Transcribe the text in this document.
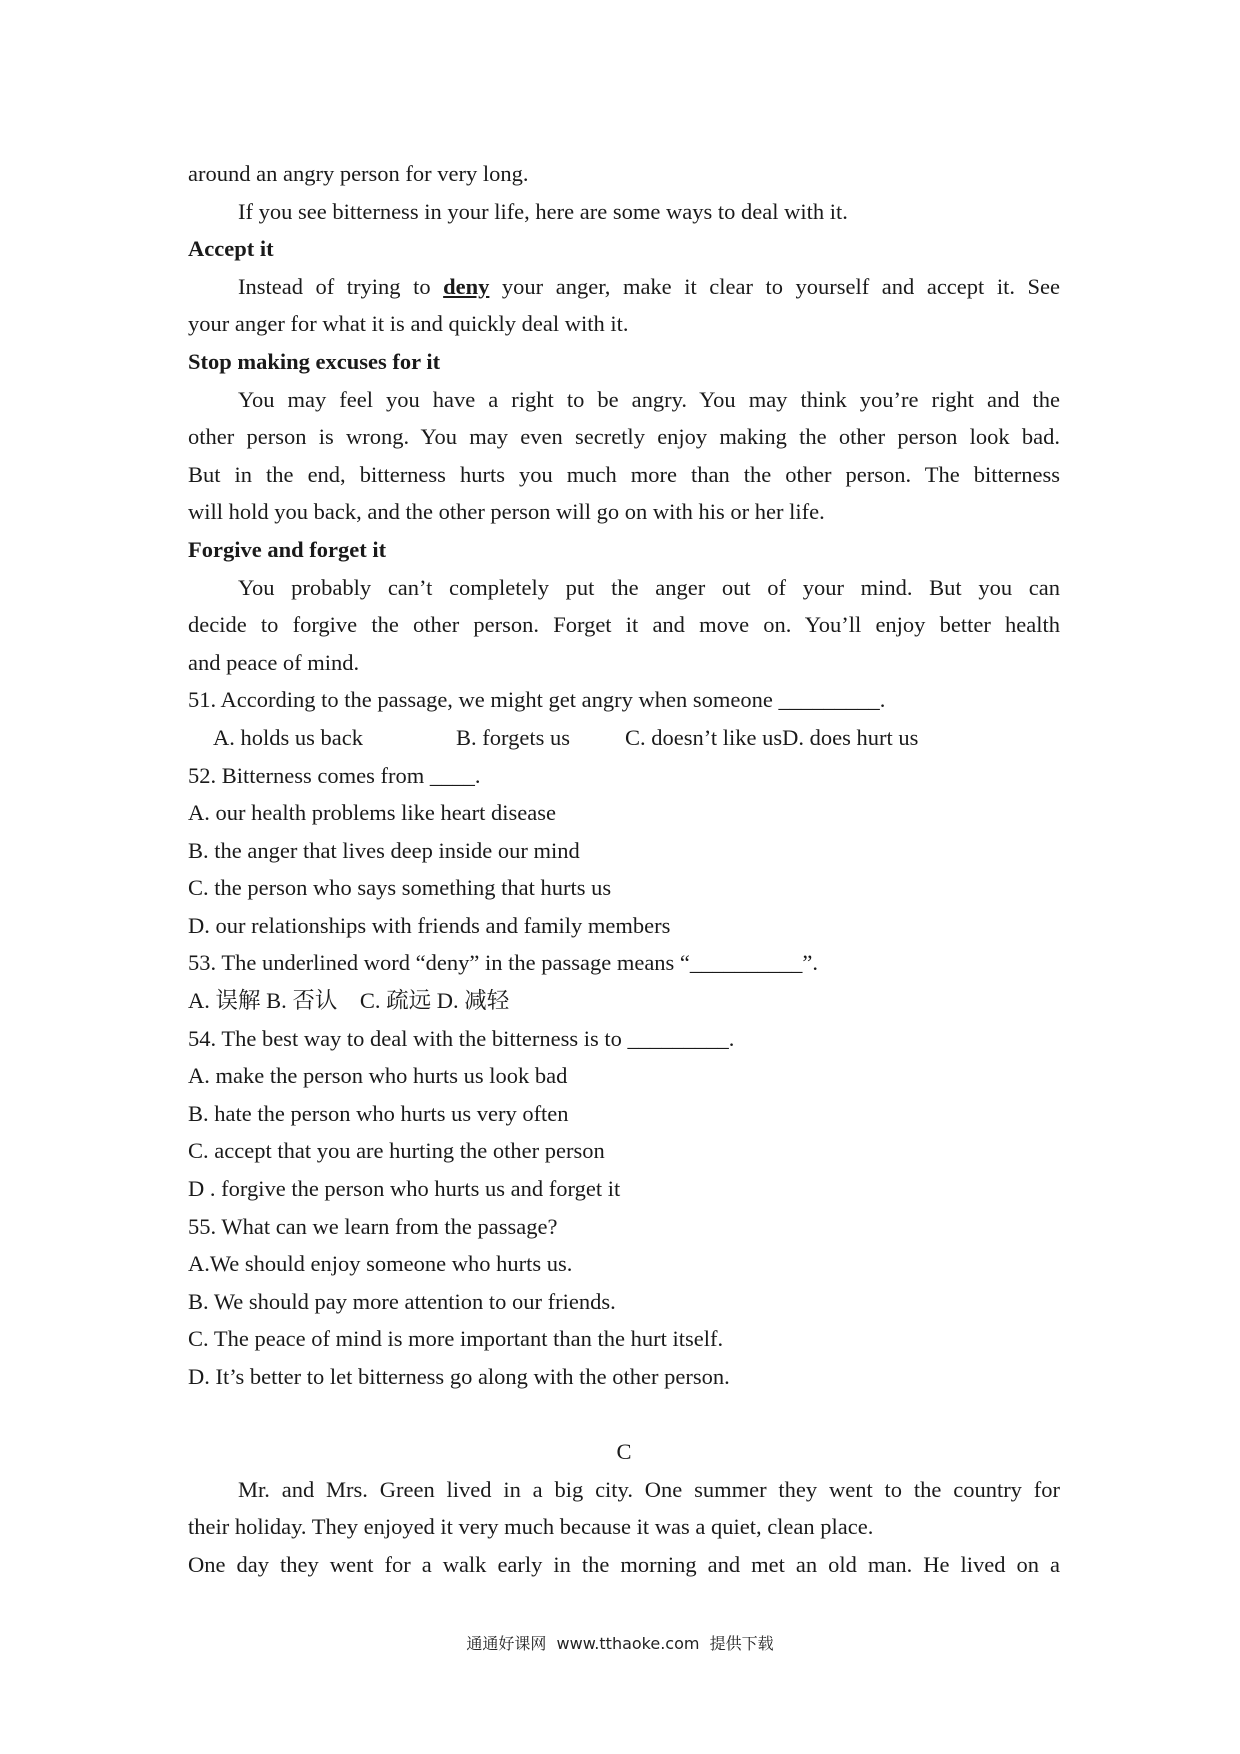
around an angry person for very long.
If you see bitterness in your life, here are some ways to deal with it.
Accept it
Instead of trying to deny your anger, make it clear to yourself and accept it. See
your anger for what it is and quickly deal with it.
Stop making excuses for it
You may feel you have a right to be angry. You may think you’re right and the
other person is wrong. You may even secretly enjoy making the other person look bad.
But in the end, bitterness hurts you much more than the other person. The bitterness
will hold you back, and the other person will go on with his or her life.
Forgive and forget it
You probably can’t completely put the anger out of your mind. But you can
decide to forgive the other person. Forget it and move on. You’ll enjoy better health
and peace of mind.
51. According to the passage, we might get angry when someone _________.
A. holds us back	B. forgets us C. doesn’t like usD. does hurt us
52. Bitterness comes from ____.
A. our health problems like heart disease
B. the anger that lives deep inside our mind
C. the person who says something that hurts us
D. our relationships with friends and family members
53. The underlined word “deny” in the passage means “__________”.
A. 误解 B. 否认    C. 疏远 D. 减轻
54. The best way to deal with the bitterness is to _________.
A. make the person who hurts us look bad
B. hate the person who hurts us very often
C. accept that you are hurting the other person
D . forgive the person who hurts us and forget it
55. What can we learn from the passage?
A.We should enjoy someone who hurts us.
B. We should pay more attention to our friends.
C. The peace of mind is more important than the hurt itself.
D. It’s better to let bitterness go along with the other person.
C
Mr. and Mrs. Green lived in a big city. One summer they went to the country for
their holiday. They enjoyed it very much because it was a quiet, clean place.
One day they went for a walk early in the morning and met an old man. He lived on a
通通好课网  www.tthaoke.com  提供下载
